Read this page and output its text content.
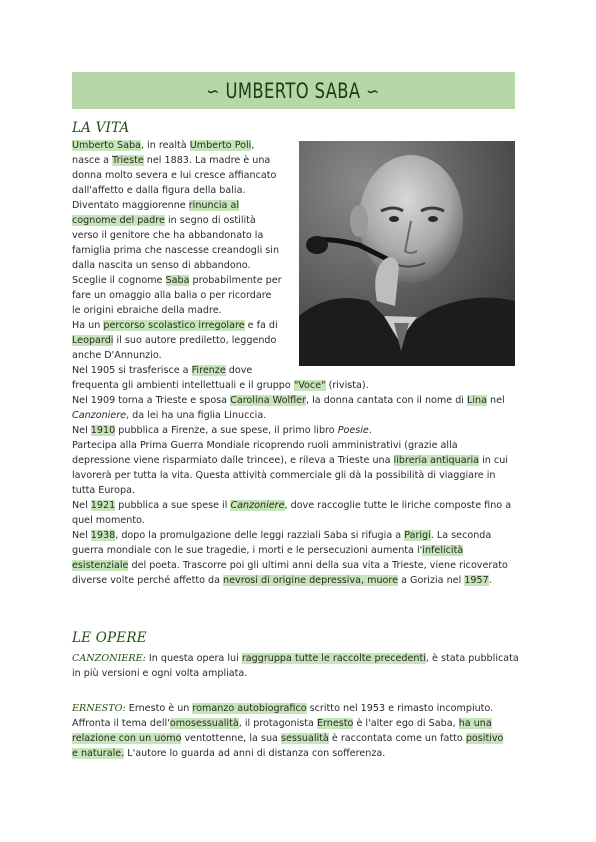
∽ UMBERTO SABA ∽
LA VITA
Umberto Saba, in realtà Umberto Poli,
nasce a Trieste nel 1883. La madre è una
donna molto severa e lui cresce affiancato
dall'affetto e dalla figura della balia.
Diventato maggiorenne rinuncia al
cognome del padre in segno di ostilità
verso il genitore che ha abbandonato la
famiglia prima che nascesse creandogli sin
dalla nascita un senso di abbandono.
Sceglie il cognome Saba probabilmente per
fare un omaggio alla balia o per ricordare
le origini ebraiche della madre.
Ha un percorso scolastico irregolare e fa di
Leopardi il suo autore prediletto, leggendo
anche D'Annunzio.
Nel 1905 si trasferisce a Firenze dove
frequenta gli ambienti intellettuali e il gruppo "Voce" (rivista).
Nel 1909 torna a Trieste e sposa Carolina Wolfler, la donna cantata con il nome di Lina nel
Canzoniere, da lei ha una figlia Linuccia.
Nel 1910 pubblica a Firenze, a sue spese, il primo libro Poesie.
Partecipa alla Prima Guerra Mondiale ricoprendo ruoli amministrativi (grazie alla
depressione viene risparmiato dalle trincee), e rileva a Trieste una libreria antiquaria in cui
lavorerà per tutta la vita. Questa attività commerciale gli dà la possibilità di viaggiare in
tutta Europa.
Nel 1921 pubblica a sue spese il Canzoniere, dove raccoglie tutte le liriche composte fino a
quel momento.
Nel 1938, dopo la promulgazione delle leggi razziali Saba si rifugia a Parigi. La seconda
guerra mondiale con le sue tragedie, i morti e le persecuzioni aumenta l'infelicità
esistenziale del poeta. Trascorre poi gli ultimi anni della sua vita a Trieste, viene ricoverato
diverse volte perché affetto da nevrosi di origine depressiva, muore a Gorizia nel 1957.
LE OPERE
CANZONIERE: In questa opera lui raggruppa tutte le raccolte precedenti, è stata pubblicata
in più versioni e ogni volta ampliata.
ERNESTO: Ernesto è un romanzo autobiografico scritto nel 1953 e rimasto incompiuto.
Affronta il tema dell'omosessualità, il protagonista Ernesto è l'alter ego di Saba, ha una
relazione con un uomo ventottenne, la sua sessualità è raccontata come un fatto positivo
e naturale. L'autore lo guarda ad anni di distanza con sofferenza.
